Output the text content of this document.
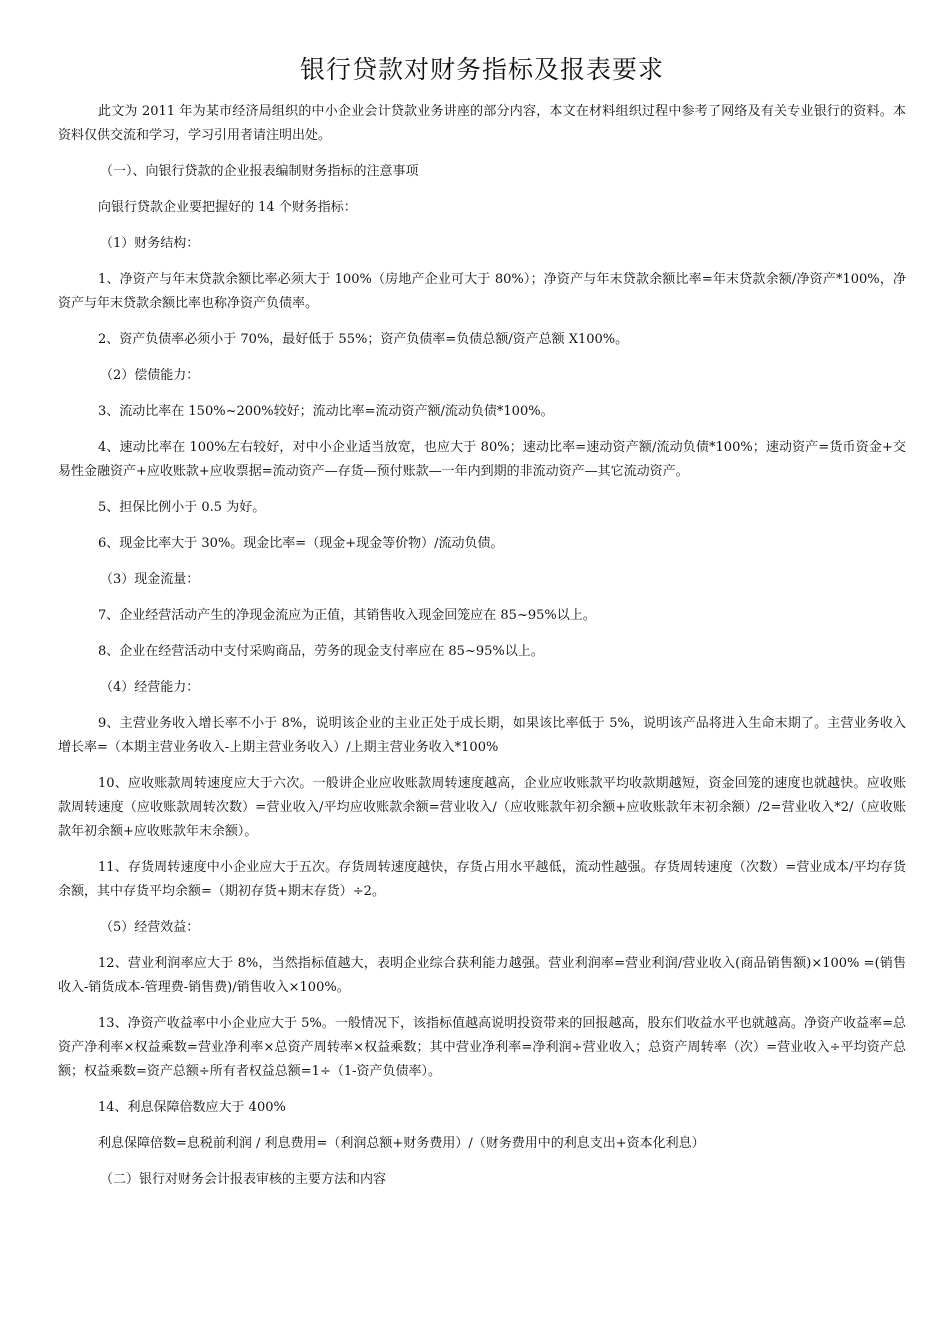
银行贷款对财务指标及报表要求

此文为 2011 年为某市经济局组织的中小企业会计贷款业务讲座的部分内容，本文在材料组织过程中参考了网络及有关专业银行的资料。本资料仅供交流和学习，学习引用者请注明出处。

（一）、向银行贷款的企业报表编制财务指标的注意事项

向银行贷款企业要把握好的 14 个财务指标：

（1）财务结构：

1、净资产与年末贷款余额比率必须大于 100%（房地产企业可大于 80%）；净资产与年末贷款余额比率=年末贷款余额/净资产*100%，净资产与年末贷款余额比率也称净资产负债率。

2、资产负债率必须小于 70%，最好低于 55%；资产负债率=负债总额/资产总额 X100%。

（2）偿债能力：

3、流动比率在 150%~200%较好；流动比率=流动资产额/流动负债*100%。

4、速动比率在 100%左右较好，对中小企业适当放宽，也应大于 80%；速动比率=速动资产额/流动负债*100%；速动资产=货币资金+交易性金融资产+应收账款+应收票据=流动资产—存货—预付账款—一年内到期的非流动资产—其它流动资产。

5、担保比例小于 0.5 为好。

6、现金比率大于 30%。现金比率=（现金+现金等价物）/流动负债。

（3）现金流量：

7、企业经营活动产生的净现金流应为正值，其销售收入现金回笼应在 85~95%以上。

8、企业在经营活动中支付采购商品，劳务的现金支付率应在 85~95%以上。

（4）经营能力：

9、主营业务收入增长率不小于 8%，说明该企业的主业正处于成长期，如果该比率低于 5%，说明该产品将进入生命末期了。主营业务收入增长率=（本期主营业务收入-上期主营业务收入）/上期主营业务收入*100%

10、应收账款周转速度应大于六次。一般讲企业应收账款周转速度越高，企业应收账款平均收款期越短，资金回笼的速度也就越快。应收账款周转速度（应收账款周转次数）=营业收入/平均应收账款余额=营业收入/（应收账款年初余额+应收账款年末初余额）/2=营业收入*2/（应收账款年初余额+应收账款年末余额）。

11、存货周转速度中小企业应大于五次。存货周转速度越快，存货占用水平越低，流动性越强。存货周转速度（次数）=营业成本/平均存货余额，其中存货平均余额=（期初存货+期末存货）÷2。

（5）经营效益：

12、营业利润率应大于 8%，当然指标值越大，表明企业综合获利能力越强。营业利润率=营业利润/营业收入(商品销售额)×100% =(销售收入-销货成本-管理费-销售费)/销售收入×100%。

13、净资产收益率中小企业应大于 5%。一般情况下，该指标值越高说明投资带来的回报越高，股东们收益水平也就越高。净资产收益率=总资产净利率×权益乘数=营业净利率×总资产周转率×权益乘数；其中营业净利率=净利润÷营业收入；总资产周转率（次）=营业收入÷平均资产总额；权益乘数=资产总额÷所有者权益总额=1÷（1-资产负债率）。

14、利息保障倍数应大于 400%

利息保障倍数=息税前利润 / 利息费用=（利润总额+财务费用）/（财务费用中的利息支出+资本化利息）

（二）银行对财务会计报表审核的主要方法和内容
